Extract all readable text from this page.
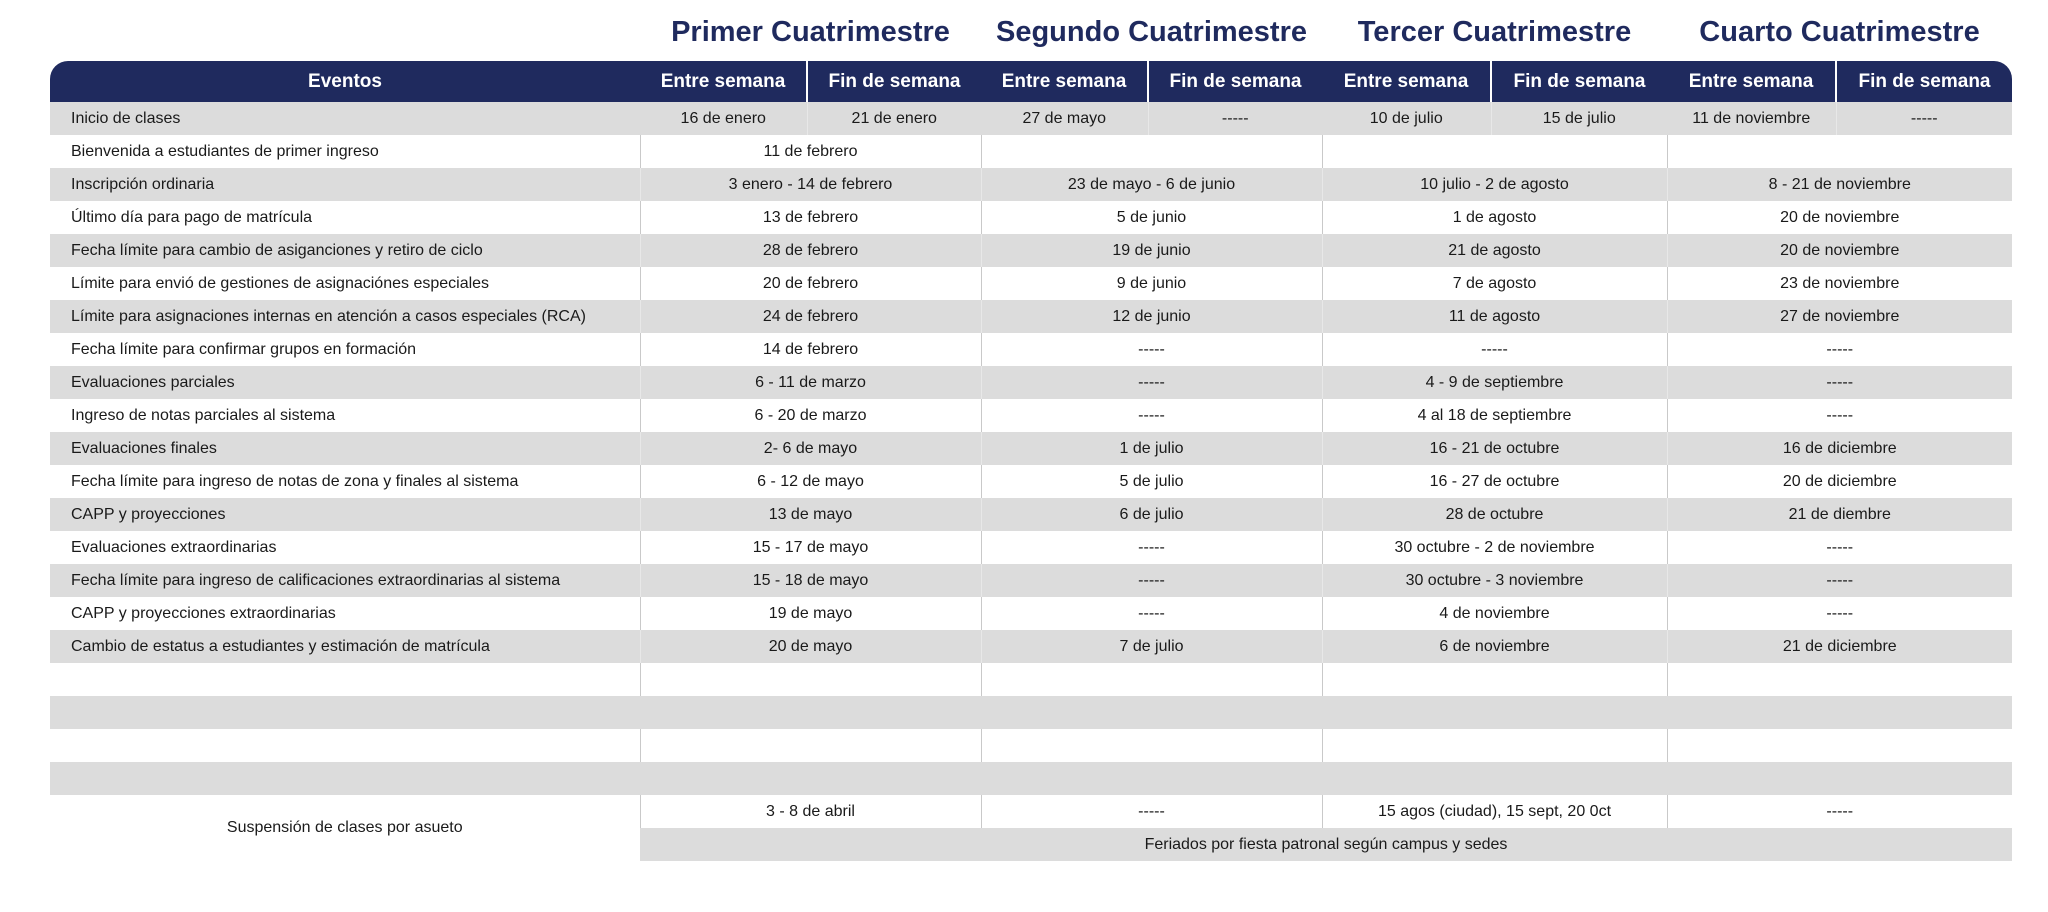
Primer Cuatrimestre	Segundo Cuatrimestre	Tercer Cuatrimestre	Cuarto Cuatrimestre
Eventos	Entre semana	Fin de semana	Entre semana	Fin de semana	Entre semana	Fin de semana	Entre semana	Fin de semana
Inicio de clases	16 de enero	21 de enero	27 de mayo	-----	10 de julio	15 de julio	11 de noviembre	-----
Bienvenida a estudiantes de primer ingreso	11 de febrero							
Inscripción ordinaria	3 enero - 14 de febrero		23 de mayo - 6 de junio		10 julio - 2 de agosto		8 - 21 de noviembre	
Último día para pago de matrícula	13 de febrero		5 de junio		1 de agosto		20 de noviembre	
Fecha límite para cambio de asigancionеs y retiro de ciclo	28 de febrero		19 de junio		21 de agosto		20 de noviembre	
Límite para envió de gestiones de asignaciónes especiales	20 de febrero		9 de junio		7 de agosto		23 de noviembre	
Límite para asignaciones internas en atención a casos especiales (RCA)	24 de febrero		12 de junio		11 de agosto		27 de noviembre	
Fecha límite para confirmar grupos en formación	14 de febrero		-----		-----		-----	
Evaluaciones parciales	6 - 11 de marzo		-----		4 - 9 de septiembre		-----	
Ingreso de notas parciales al sistema	6 - 20 de marzo		-----		4 al 18 de septiembre		-----	
Evaluaciones finales	2- 6 de mayo		1 de julio		16 - 21 de octubre		16 de diciembre	
Fecha límite para ingreso de notas de zona y finales al sistema	6 - 12 de mayo		5 de julio		16 - 27 de octubre		20 de diciembre	
CAPP y proyecciones	13 de mayo		6 de julio		28 de octubre		21 de diembre	
Evaluaciones extraordinarias	15 - 17 de mayo		-----		30 octubre - 2 de noviembre		-----	
Fecha límite para ingreso de calificaciones extraordinarias al sistema	15 - 18 de mayo		-----		30 octubre - 3 noviembre		-----	
CAPP y proyecciones extraordinarias	19 de mayo		-----		4 de noviembre		-----	
Cambio de estatus a estudiantes y estimación de matrícula	20 de mayo		7 de julio		6 de noviembre		21 de diciembre	

Suspensión de clases por asueto	3 - 8 de abril		-----		15 agos (ciudad), 15 sept, 20 0ct		-----	
	Feriados por fiesta patronal según campus y sedes							
